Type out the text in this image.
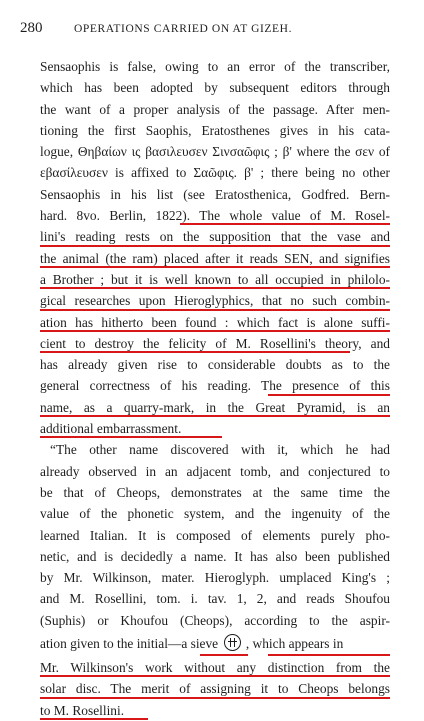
280	OPERATIONS CARRIED ON AT GIZEH.
Sensaophis is false, owing to an error of the transcriber,
which has been adopted by subsequent editors through
the want of a proper analysis of the passage. After men-
tioning the first Saophis, Eratosthenes gives in his cata-
logue, Θηβαίων ις βασιλευσεν Σινσαῶφις ; β' where the σεν of
εβασίλευσεν is affixed to Σαῶφις. β' ; there being no other
Sensaophis in his list (see Eratosthenica, Godfred. Bern-
hard. 8vo. Berlin, 1822). The whole value of M. Rosel-
lini's reading rests on the supposition that the vase and
the animal (the ram) placed after it reads SEN, and signifies
a Brother ; but it is well known to all occupied in philolo-
gical researches upon Hieroglyphics, that no such combin-
ation has hitherto been found : which fact is alone suffi-
cient to destroy the felicity of M. Rosellini's theory, and
has already given rise to considerable doubts as to the
general correctness of his reading. The presence of this
name, as a quarry-mark, in the Great Pyramid, is an
additional embarrassment.
“The other name discovered with it, which he had
already observed in an adjacent tomb, and conjectured to
be that of Cheops, demonstrates at the same time the
value of the phonetic system, and the ingenuity of the
learned Italian. It is composed of elements purely pho-
netic, and is decidedly a name. It has also been published
by Mr. Wilkinson, mater. Hieroglyph. umplaced King's ;
and M. Rosellini, tom. i. tav. 1, 2, and reads Shoufou
(Suphis) or Khoufou (Cheops), according to the aspir-
ation given to the initial—a sieve , which appears in
Mr. Wilkinson's work without any distinction from the
solar disc. The merit of assigning it to Cheops belongs
to M. Rosellini.
